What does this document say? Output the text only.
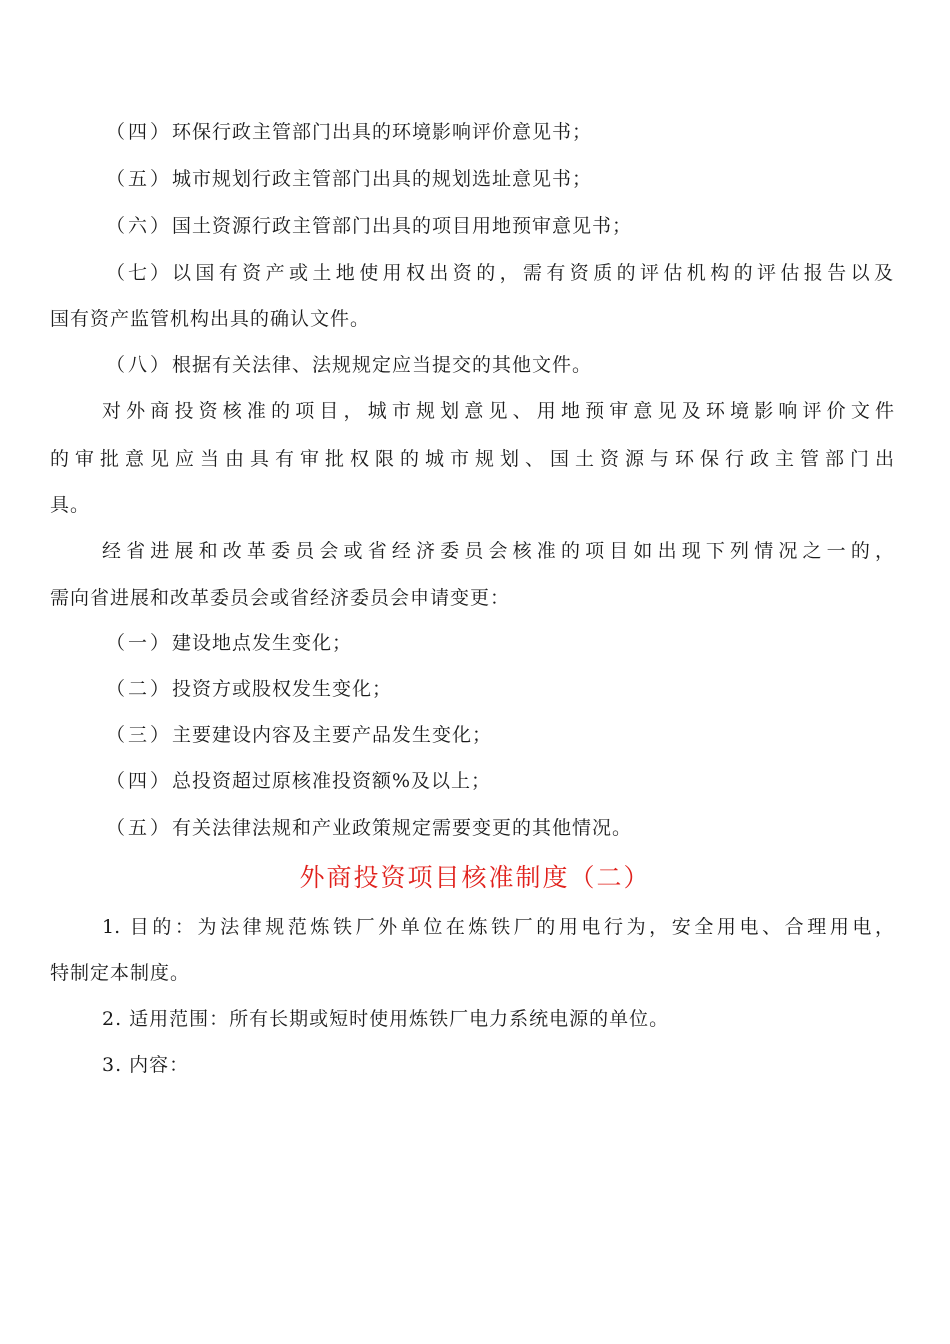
（四） 环保行政主管部门出具的环境影响评价意见书；
（五） 城市规划行政主管部门出具的规划选址意见书；
（六） 国土资源行政主管部门出具的项目用地预审意见书；
（七） 以国有资产或土地使用权出资的，需有资质的评估机构的评估报告以及
国有资产监管机构出具的确认文件。
（八） 根据有关法律、法规规定应当提交的其他文件。
对外商投资核准的项目，城市规划意见、用地预审意见及环境影响评价文件
的审批意见应当由具有审批权限的城市规划、国土资源与环保行政主管部门出
具。
经省进展和改革委员会或省经济委员会核准的项目如出现下列情况之一的，
需向省进展和改革委员会或省经济委员会申请变更：
（一） 建设地点发生变化；
（二） 投资方或股权发生变化；
（三） 主要建设内容及主要产品发生变化；
（四） 总投资超过原核准投资额%及以上；
（五） 有关法律法规和产业政策规定需要变更的其他情况。
外商投资项目核准制度（二）
1. 目的：为法律规范炼铁厂外单位在炼铁厂的用电行为，安全用电、合理用电，
特制定本制度。
2. 适用范围：所有长期或短时使用炼铁厂电力系统电源的单位。
3. 内容：
